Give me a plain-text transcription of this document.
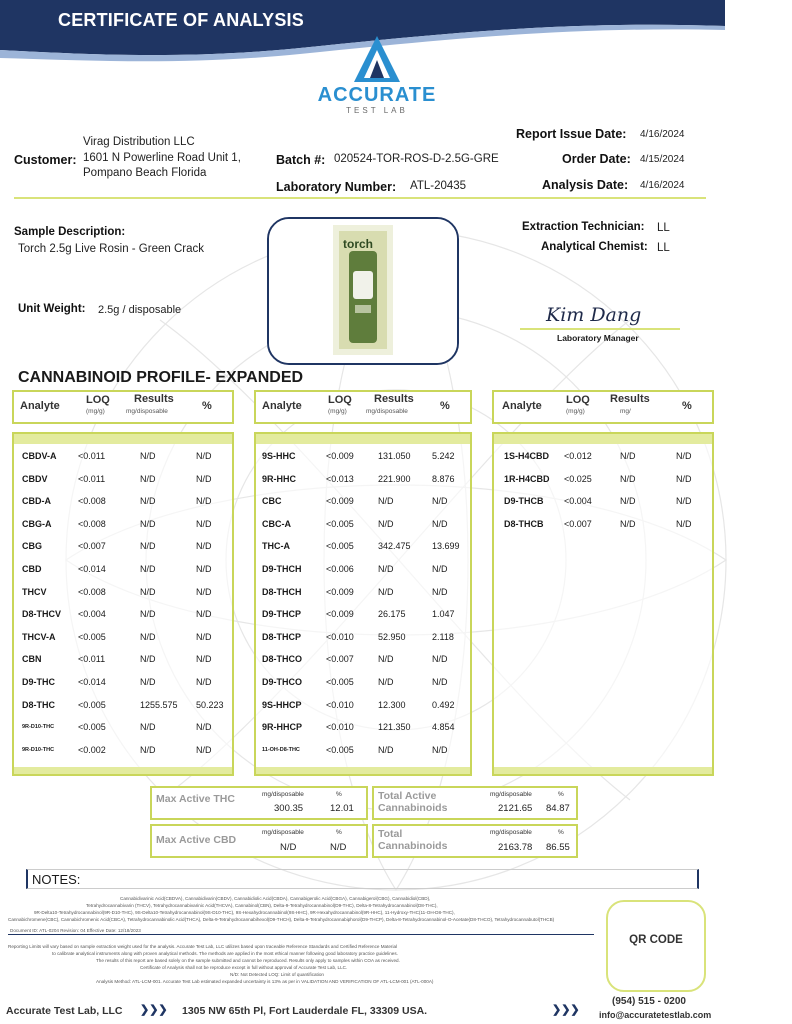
CERTIFICATE OF ANALYSIS
ACCURATE
TEST LAB
Customer:
Virag Distribution LLC
1601 N Powerline Road Unit 1,
Pompano Beach Florida
Batch #: 020524-TOR-ROS-D-2.5G-GRE
Laboratory Number: ATL-20435
Report Issue Date: 4/16/2024
Order Date: 4/15/2024
Analysis Date: 4/16/2024
Sample Description:
Torch 2.5g Live Rosin - Green Crack
Unit Weight: 2.5g / disposable
torch
Extraction Technician: LL
Analytical Chemist: LL
Kim Dang
Laboratory Manager
CANNABINOID PROFILE- EXPANDED
Analyte LOQ
(mg/g)
Results
mg/disposable	%	Analyte LOQ
(mg/g)
Results
mg/disposable	%	Analyte LOQ
(mg/g)
Results
mg/	%
CBDV-A <0.011	N/D	N/D
CBDV	<0.011	N/D	N/D
CBD-A	<0.008	N/D	N/D
CBG-A	<0.008	N/D	N/D
CBG	<0.007	N/D	N/D
CBD	<0.014	N/D	N/D
THCV	<0.008	N/D	N/D
D8-THCV <0.004	N/D	N/D
THCV-A	<0.005	N/D	N/D
CBN	<0.011	N/D	N/D
D9-THC	<0.014	N/D	N/D
D8-THC	<0.005	1255.575 50.223
9R-D10-THC	<0.005	N/D	N/D
9R-D10-THC	<0.002	N/D	N/D
9S-HHC	<0.009	131.050 5.242
9R-HHC	<0.013	221.900 8.876
CBC	<0.009	N/D	N/D
CBC-A	<0.005	N/D	N/D
THC-A	<0.005	342.475 13.699
D9-THCH	<0.006	N/D	N/D
D8-THCH	<0.009	N/D	N/D
D9-THCP	<0.009	26.175	1.047
D8-THCP	<0.010	52.950	2.118
D8-THCO	<0.007	N/D	N/D
D9-THCO	<0.005	N/D	N/D
9S-HHCP	<0.010	12.300	0.492
9R-HHCP	<0.010	121.350 4.854
11-OH-D8-THC	<0.005	N/D	N/D
1S-H4CBD <0.012	N/D	N/D
1R-H4CBD <0.025	N/D	N/D
D9-THCB <0.004	N/D	N/D
D8-THCB <0.007	N/D	N/D
Max Active THC	mg/disposable	%
300.35	12.01
Max Active CBD
mg/disposable	%
N/D	N/D
Total Active
Cannabinoids
mg/disposable	%
2121.65 84.87
Total
Cannabinoids
mg/disposable	%
2163.78 86.55
NOTES:
Cannabidivarinic Acid(CBDVA), Cannabidivarin(CBDV), Cannabidiolic Acid(CBDA), Cannabigerolic Acid(CBGA), Cannabigerol(CBG), Cannabidiol(CBD),
Tetrahydrocannabivarin (THCV), Tetrahydrocannabivarinic Acid(THCVA), Cannabinol(CBN), Delta-9-Tetrahydrocannabinol(D9-THC), Delta-8-Tetrahydrocannabinol(D8-THC),
9R-Delta10-Tetrahydrocannabinol(9R-D10-THC), 9S-Delta10-Tetrahydrocannabinol(9S-D10-THC), 9S-Hexahydrocannabinol(9S-HHC), 9R-Hexahydrocannabinol(9R-HHC), 11-Hydroxy-THC(11-OH-D8-THC),
Cannabichromene(CBC), Cannabichromenic Acid(CBCA), Tetrahydrocannabinolic Acid(THCA), Delta-9-Tetrahydrocannabihexol(D9-THCH), Delta-9-Tetrahydrocannabiphorol(D9-THCP), Delta-8-Tetrahydrocannabinol-O-Acetate(D8-THCO), Tetrahydrocannabutol(THCB)
Document ID: ATL-0204 Revision: 04 Effective Date: 12/18/2023
Reporting Limits will vary based on sample extraction weight used for the analysis. Accurate Test Lab, LLC utilizes based upon traceable Reference Standards and Certified Reference Material
to calibrate analytical instruments along with proven analytical methods. The methods are applied in the most ethical manner following good laboratory practice guidelines.
The results of this report are based solely on the sample submitted and cannot be reproduced. Results only apply to samples within COA as received.
Certificate of Analysis shall not be reproduce except in full without approval of Accurate Test Lab, LLC.
N/D: Not Detected LOQ: Limit of quantification
Analysis Method: ATL-LCM-001. Accurate Test Lab estimated expanded uncertainty is 13% as per in VALIDATION AND VERIFICATION OF ATL-LCM-001 (ATL-000A)
QR CODE
Accurate Test Lab, LLC ❯❯❯ 1305 NW 65th Pl, Fort Lauderdale FL, 33309 USA.	❯❯❯
(954) 515 - 0200
info@accuratetestlab.com
